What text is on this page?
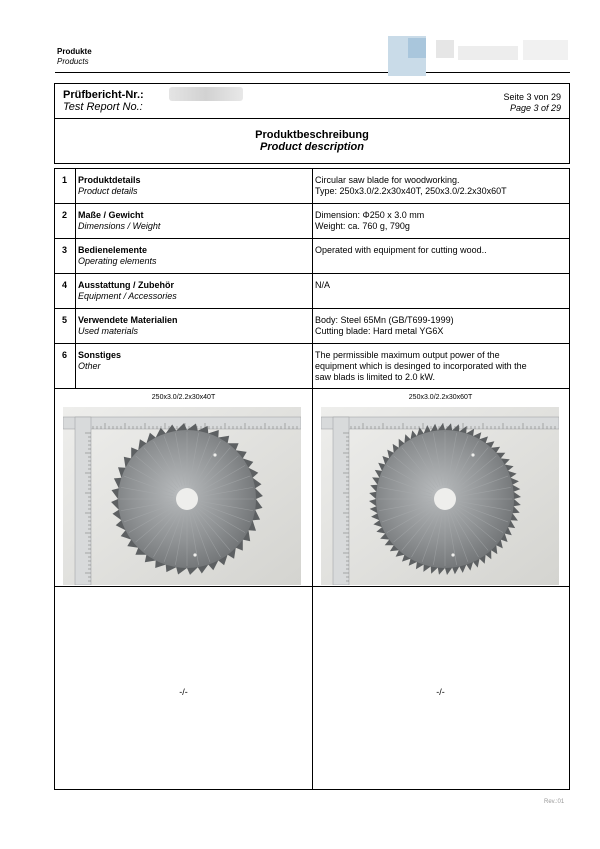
Produkte
Products
Prüfbericht-Nr.:
Test Report No.:
Seite 3 von 29
Page 3 of 29
Produktbeschreibung
Product description
1 Produktdetails
Product details
Circular saw blade for woodworking.
Type: 250x3.0/2.2x30x40T, 250x3.0/2.2x30x60T
2 Maße / Gewicht
Dimensions / Weight
Dimension: Φ250 x 3.0 mm
Weight: ca. 760 g, 790g
3 Bedienelemente
Operating elements
Operated with equipment for cutting wood..
4 Ausstattung / Zubehör
Equipment / Accessories
N/A
5 Verwendete Materialien
Used materials
Body: Steel 65Mn (GB/T699-1999)
Cutting blade: Hard metal YG6X
6 Sonstiges
Other
The permissible maximum output power of the
equipment which is desinged to incorporated with the
saw blads is limited to 2.0 kW.
250x3.0/2.2x30x40T	250x3.0/2.2x30x60T
-/-	-/-
Rev.:01
